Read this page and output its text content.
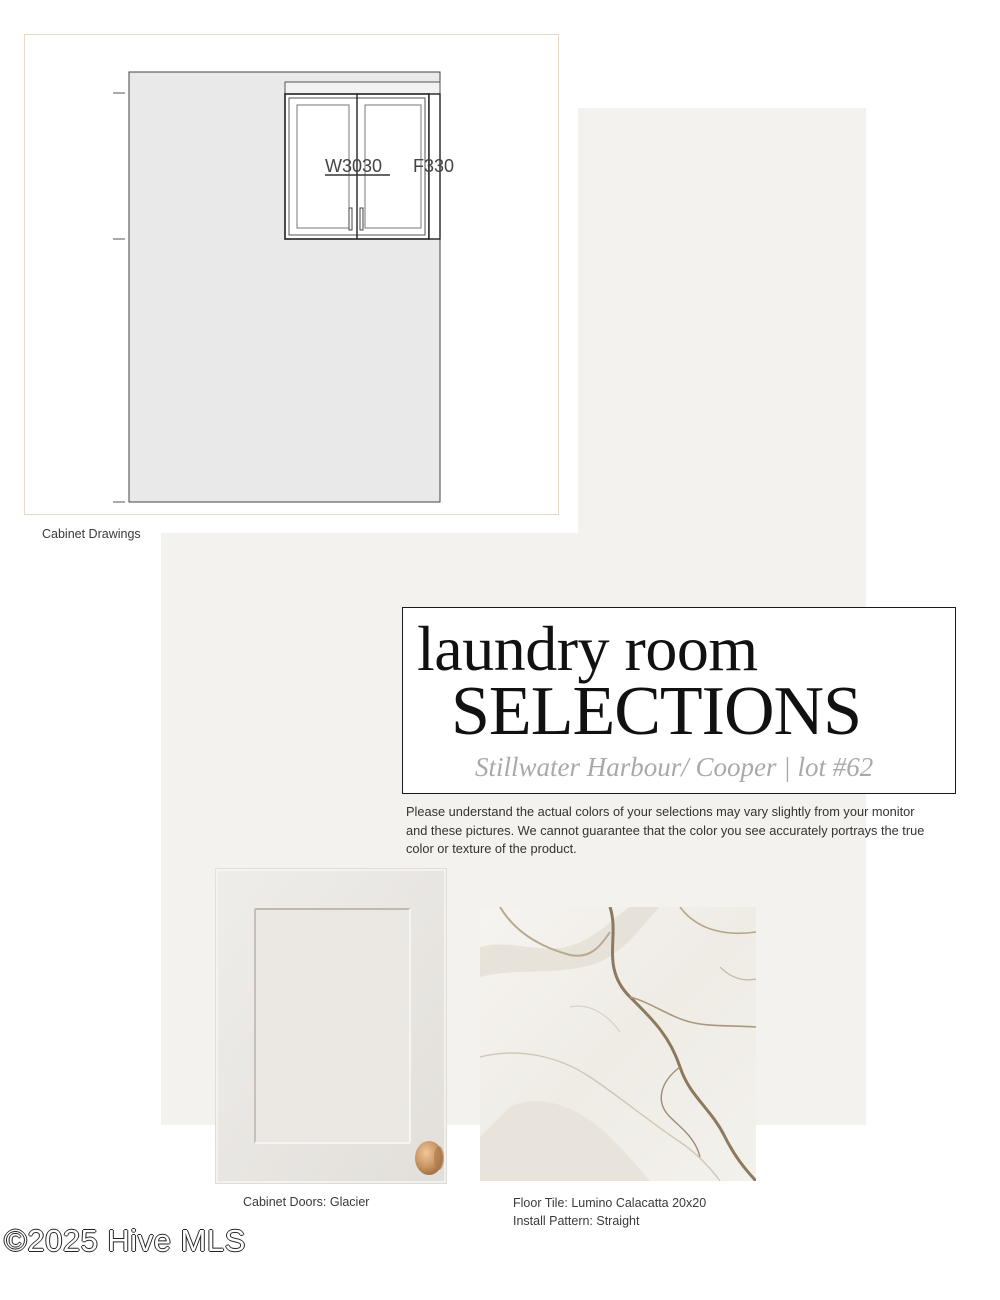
W3030 F330
Cabinet Drawings
laundry room
SELECTIONS
Stillwater Harbour/ Cooper | lot #62
Please understand the actual colors of your selections may vary slightly from your monitor and these pictures. We cannot guarantee that the color you see accurately portrays the true color or texture of the product.
Cabinet Doors: Glacier	Floor Tile: Lumino Calacatta 20x20
Install Pattern: Straight
©2025 Hive MLS
